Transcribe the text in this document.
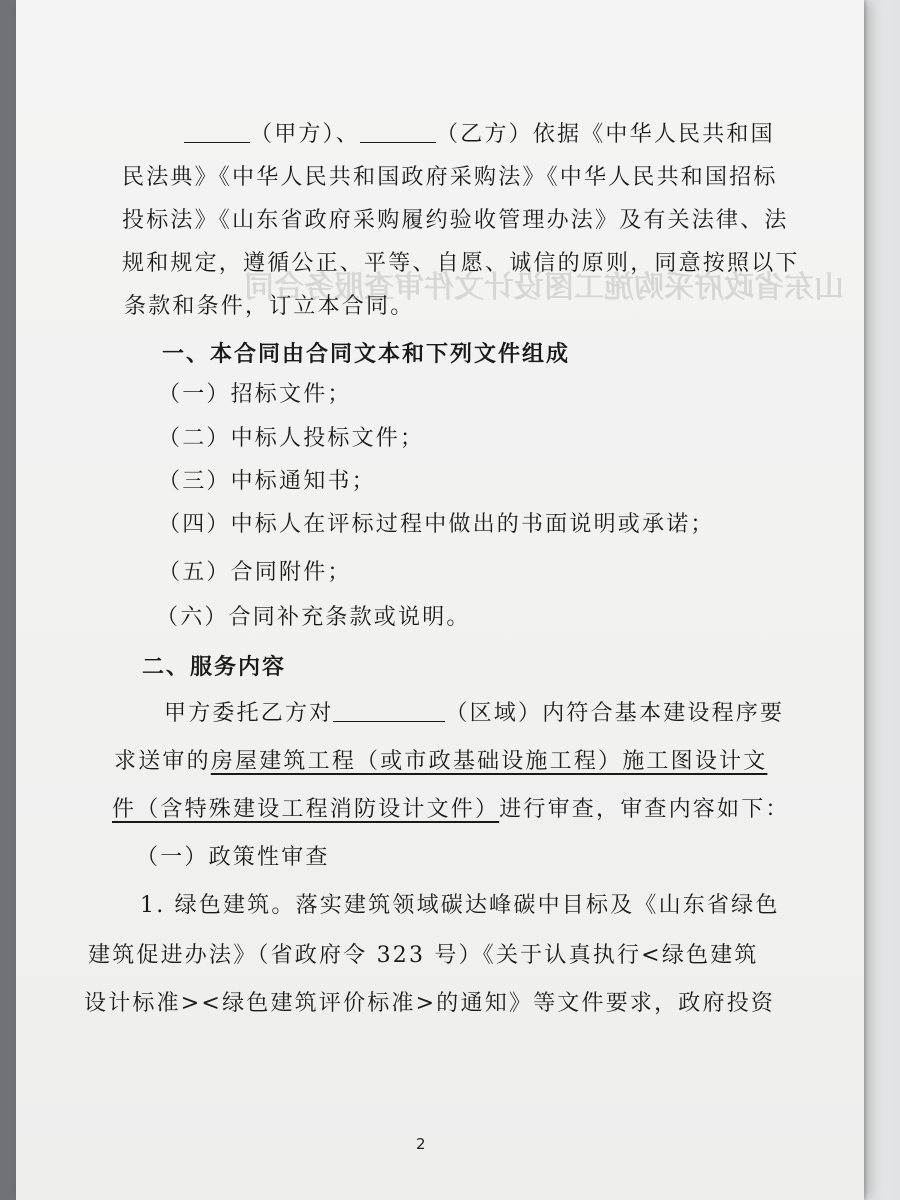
山东省政府采购施工图设计文件审查服务合同
（甲方）、	（乙方）依据《中华人民共和国
民法典》《中华人民共和国政府采购法》《中华人民共和国招标
投标法》《山东省政府采购履约验收管理办法》及有关法律、法
规和规定，遵循公正、平等、自愿、诚信的原则，同意按照以下
条款和条件，订立本合同。
一、本合同由合同文本和下列文件组成
（一）招标文件；
（二）中标人投标文件；
（三）中标通知书；
（四）中标人在评标过程中做出的书面说明或承诺；
（五）合同附件；
（六）合同补充条款或说明。
二、服务内容
甲方委托乙方对	（区域）内符合基本建设程序要
求送审的房屋建筑工程（或市政基础设施工程）施工图设计文
件（含特殊建设工程消防设计文件）进行审查，审查内容如下：
（一）政策性审查
1. 绿色建筑。落实建筑领域碳达峰碳中目标及《山东省绿色
建筑促进办法》（省政府令 323 号）《关于认真执行<绿色建筑
设计标准><绿色建筑评价标准>的通知》等文件要求，政府投资
2
